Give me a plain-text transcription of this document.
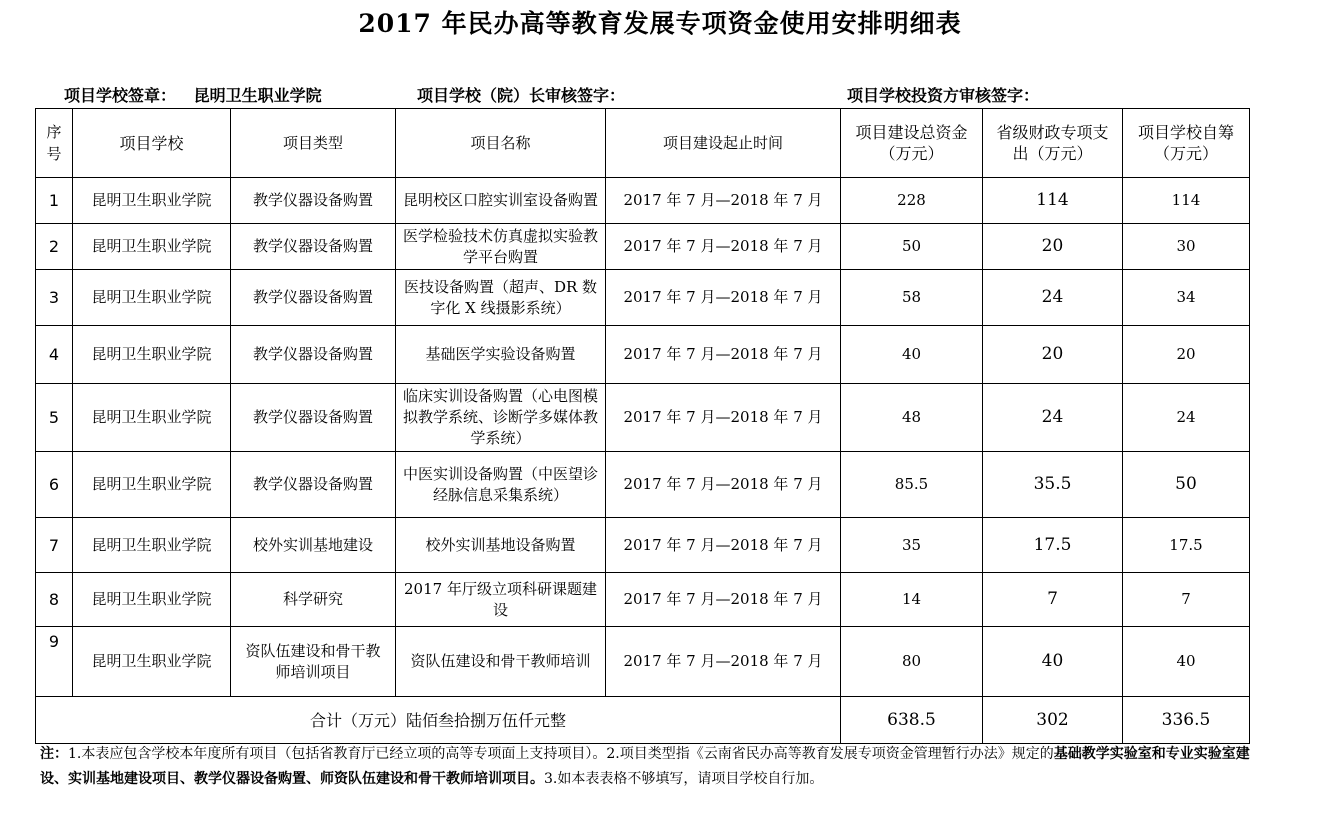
2017 年民办高等教育发展专项资金使用安排明细表
项目学校签章： 昆明卫生职业学院	项目学校（院）长审核签字：	项目学校投资方审核签字：
序号	项目学校	项目类型	项目名称	项目建设起止时间	项目建设总资金（万元）	省级财政专项支出（万元）	项目学校自筹（万元）
1	昆明卫生职业学院	教学仪器设备购置	昆明校区口腔实训室设备购置	2017 年 7 月—2018 年 7 月	228	114	114
2	昆明卫生职业学院	教学仪器设备购置	医学检验技术仿真虚拟实验教学平台购置	2017 年 7 月—2018 年 7 月	50	20	30
3	昆明卫生职业学院	教学仪器设备购置	医技设备购置（超声、DR 数字化 X 线摄影系统）	2017 年 7 月—2018 年 7 月	58	24	34
4	昆明卫生职业学院	教学仪器设备购置	基础医学实验设备购置	2017 年 7 月—2018 年 7 月	40	20	20
5	昆明卫生职业学院	教学仪器设备购置	临床实训设备购置（心电图模拟教学系统、诊断学多媒体教学系统）	2017 年 7 月—2018 年 7 月	48	24	24
6	昆明卫生职业学院	教学仪器设备购置	中医实训设备购置（中医望诊经脉信息采集系统）	2017 年 7 月—2018 年 7 月	85.5	35.5	50
7	昆明卫生职业学院	校外实训基地建设	校外实训基地设备购置	2017 年 7 月—2018 年 7 月	35	17.5	17.5
8	昆明卫生职业学院	科学研究	2017 年厅级立项科研课题建设	2017 年 7 月—2018 年 7 月	14	7	7
9	昆明卫生职业学院	资队伍建设和骨干教师培训项目	资队伍建设和骨干教师培训	2017 年 7 月—2018 年 7 月	80	40	40
合计（万元）陆佰叁拾捌万伍仟元整					638.5	302	336.5
注：1.本表应包含学校本年度所有项目（包括省教育厅已经立项的高等专项面上支持项目）。2.项目类型指《云南省民办高等教育发展专项资金管理暂行办法》规定的基础教学实验室和专业实验室建设、实训基地建设项目、教学仪器设备购置、师资队伍建设和骨干教师培训项目。3.如本表表格不够填写，请项目学校自行加。
